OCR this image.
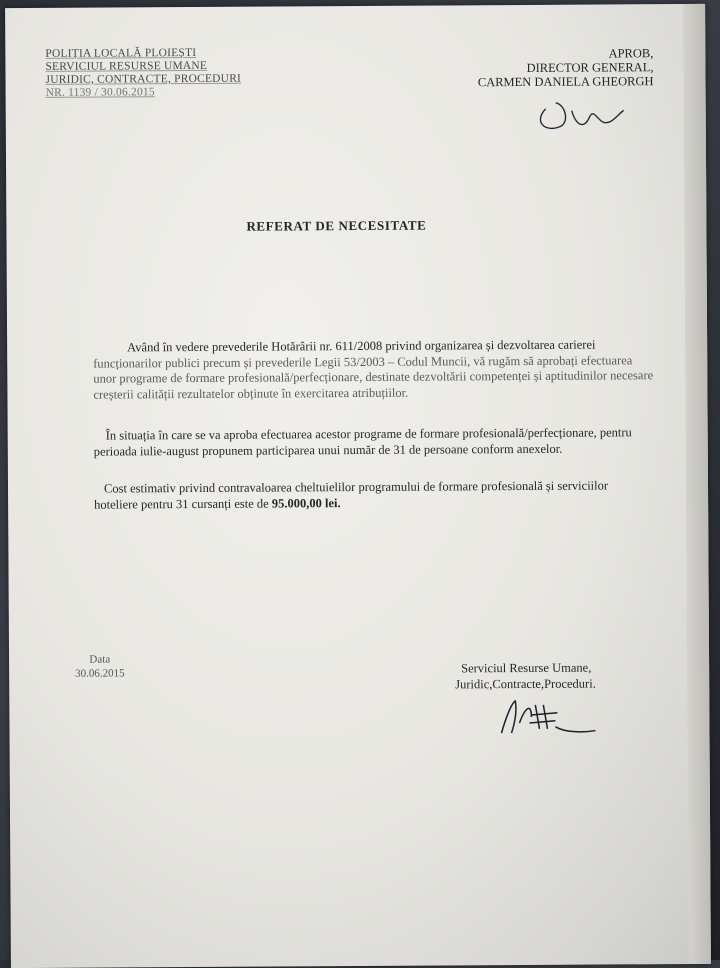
POLIȚIA LOCALĂ PLOIEȘTI
SERVICIUL RESURSE UMANE
JURIDIC, CONTRACTE, PROCEDURI
NR. 1139 / 30.06.2015
APROB,
DIRECTOR GENERAL,
CARMEN DANIELA GHEORGH
REFERAT DE NECESITATE
Având în vedere prevederile Hotărârii nr. 611/2008 privind organizarea și dezvoltarea carierei
funcționarilor publici precum și prevederile Legii 53/2003 – Codul Muncii, vă rugăm să aprobați efectuarea
unor programe de formare profesională/perfecționare, destinate dezvoltării competenței și aptitudinilor necesare
creșterii calității rezultatelor obținute în exercitarea atribuțiilor.
În situația în care se va aproba efectuarea acestor programe de formare profesională/perfecționare, pentru
perioada iulie-august propunem participarea unui număr de 31 de persoane conform anexelor.
Cost estimativ privind contravaloarea cheltuielilor programului de formare profesională și serviciilor
hoteliere pentru 31 cursanți este de 95.000,00 lei.
Data
30.06.2015	Serviciul Resurse Umane,
Juridic,Contracte,Proceduri.
